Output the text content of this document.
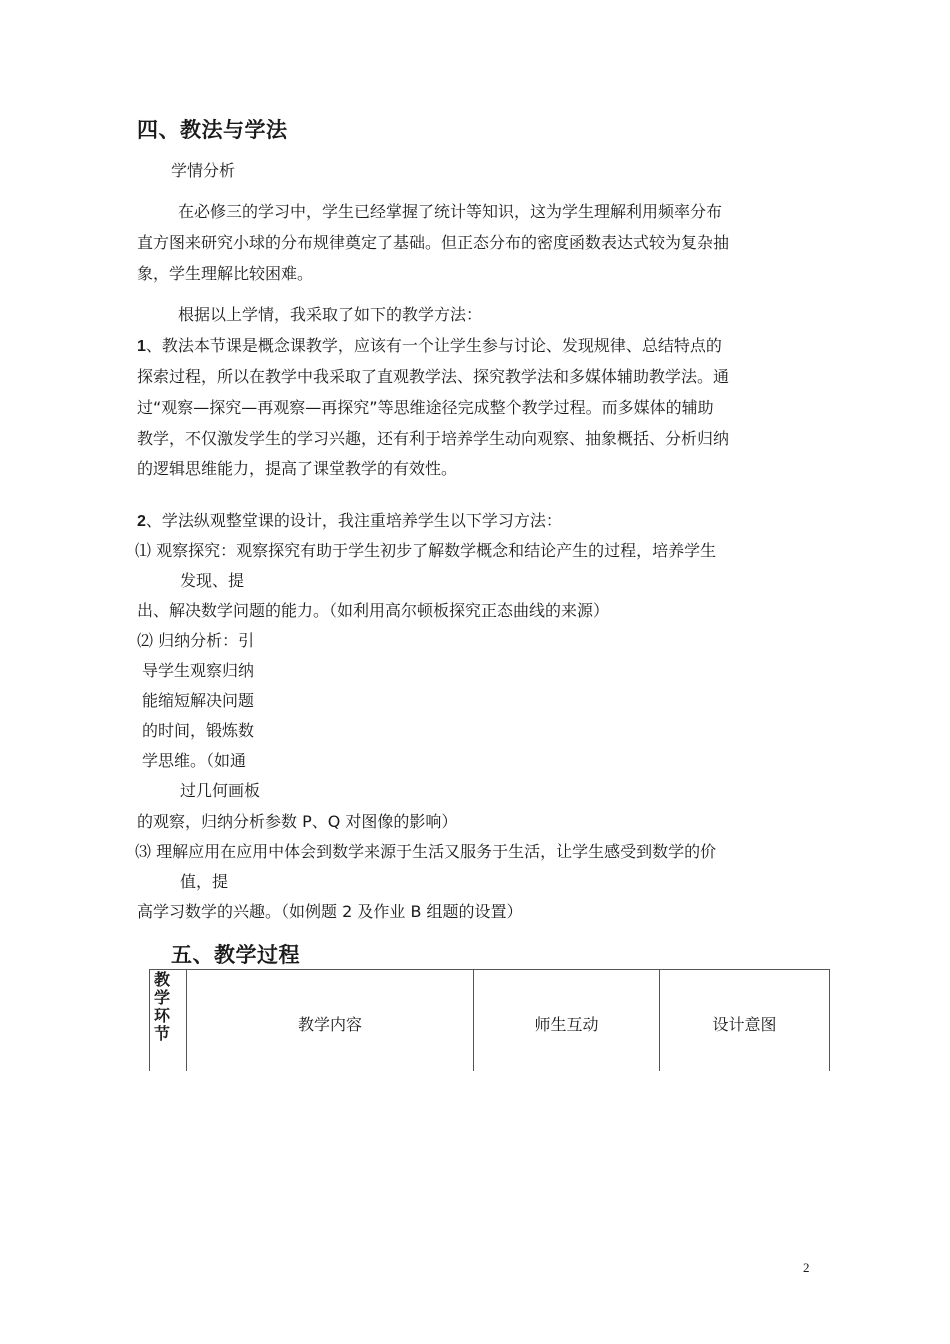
四、教法与学法
学情分析
在必修三的学习中，学生已经掌握了统计等知识，这为学生理解利用频率分布
直方图来研究小球的分布规律奠定了基础。但正态分布的密度函数表达式较为复杂抽
象，学生理解比较困难。
根据以上学情，我采取了如下的教学方法：
1、教法本节课是概念课教学，应该有一个让学生参与讨论、发现规律、总结特点的
探索过程，所以在教学中我采取了直观教学法、探究教学法和多媒体辅助教学法。通
过“观察—探究—再观察—再探究”等思维途径完成整个教学过程。而多媒体的辅助
教学，不仅激发学生的学习兴趣，还有利于培养学生动向观察、抽象概括、分析归纳
的逻辑思维能力，提高了课堂教学的有效性。
2、学法纵观整堂课的设计，我注重培养学生以下学习方法：
⑴ 观察探究：观察探究有助于学生初步了解数学概念和结论产生的过程，培养学生
发现、提
出、解决数学问题的能力。（如利用高尔顿板探究正态曲线的来源）
⑵ 归纳分析：引
导学生观察归纳
能缩短解决问题
的时间，锻炼数
学思维。（如通
过几何画板
的观察，归纳分析参数 P、Q 对图像的影响）
⑶ 理解应用在应用中体会到数学来源于生活又服务于生活，让学生感受到数学的价
值，提
高学习数学的兴趣。（如例题 2 及作业 B 组题的设置）
五、教学过程
教学环节	教学内容	师生互动	设计意图
2
